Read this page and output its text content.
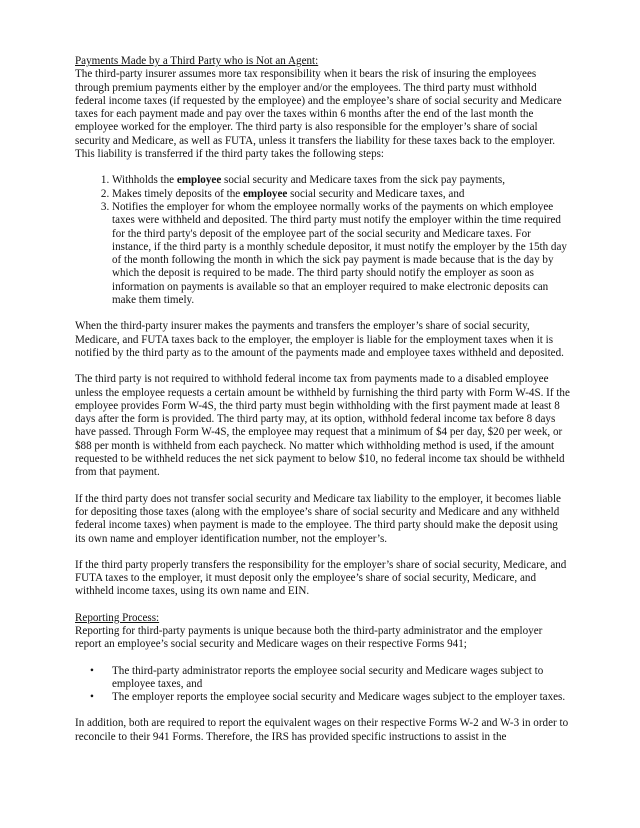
Payments Made by a Third Party who is Not an Agent:

The third-party insurer assumes more tax responsibility when it bears the risk of insuring the employees through premium payments either by the employer and/or the employees. The third party must withhold federal income taxes (if requested by the employee) and the employee’s share of social security and Medicare taxes for each payment made and pay over the taxes within 6 months after the end of the last month the employee worked for the employer. The third party is also responsible for the employer’s share of social security and Medicare, as well as FUTA, unless it transfers the liability for these taxes back to the employer. This liability is transferred if the third party takes the following steps:

1. Withholds the employee social security and Medicare taxes from the sick pay payments,
2. Makes timely deposits of the employee social security and Medicare taxes, and
3. Notifies the employer for whom the employee normally works of the payments on which employee taxes were withheld and deposited. The third party must notify the employer within the time required for the third party's deposit of the employee part of the social security and Medicare taxes. For instance, if the third party is a monthly schedule depositor, it must notify the employer by the 15th day of the month following the month in which the sick pay payment is made because that is the day by which the deposit is required to be made. The third party should notify the employer as soon as information on payments is available so that an employer required to make electronic deposits can make them timely.

When the third-party insurer makes the payments and transfers the employer’s share of social security, Medicare, and FUTA taxes back to the employer, the employer is liable for the employment taxes when it is notified by the third party as to the amount of the payments made and employee taxes withheld and deposited.

The third party is not required to withhold federal income tax from payments made to a disabled employee unless the employee requests a certain amount be withheld by furnishing the third party with Form W-4S. If the employee provides Form W-4S, the third party must begin withholding with the first payment made at least 8 days after the form is provided. The third party may, at its option, withhold federal income tax before 8 days have passed. Through Form W-4S, the employee may request that a minimum of $4 per day, $20 per week, or $88 per month is withheld from each paycheck. No matter which withholding method is used, if the amount requested to be withheld reduces the net sick payment to below $10, no federal income tax should be withheld from that payment.

If the third party does not transfer social security and Medicare tax liability to the employer, it becomes liable for depositing those taxes (along with the employee’s share of social security and Medicare and any withheld federal income taxes) when payment is made to the employee. The third party should make the deposit using its own name and employer identification number, not the employer’s.

If the third party properly transfers the responsibility for the employer’s share of social security, Medicare, and FUTA taxes to the employer, it must deposit only the employee’s share of social security, Medicare, and withheld income taxes, using its own name and EIN.

Reporting Process:

Reporting for third-party payments is unique because both the third-party administrator and the employer report an employee’s social security and Medicare wages on their respective Forms 941;

• The third-party administrator reports the employee social security and Medicare wages subject to employee taxes, and
• The employer reports the employee social security and Medicare wages subject to the employer taxes.

In addition, both are required to report the equivalent wages on their respective Forms W-2 and W-3 in order to reconcile to their 941 Forms. Therefore, the IRS has provided specific instructions to assist in the
